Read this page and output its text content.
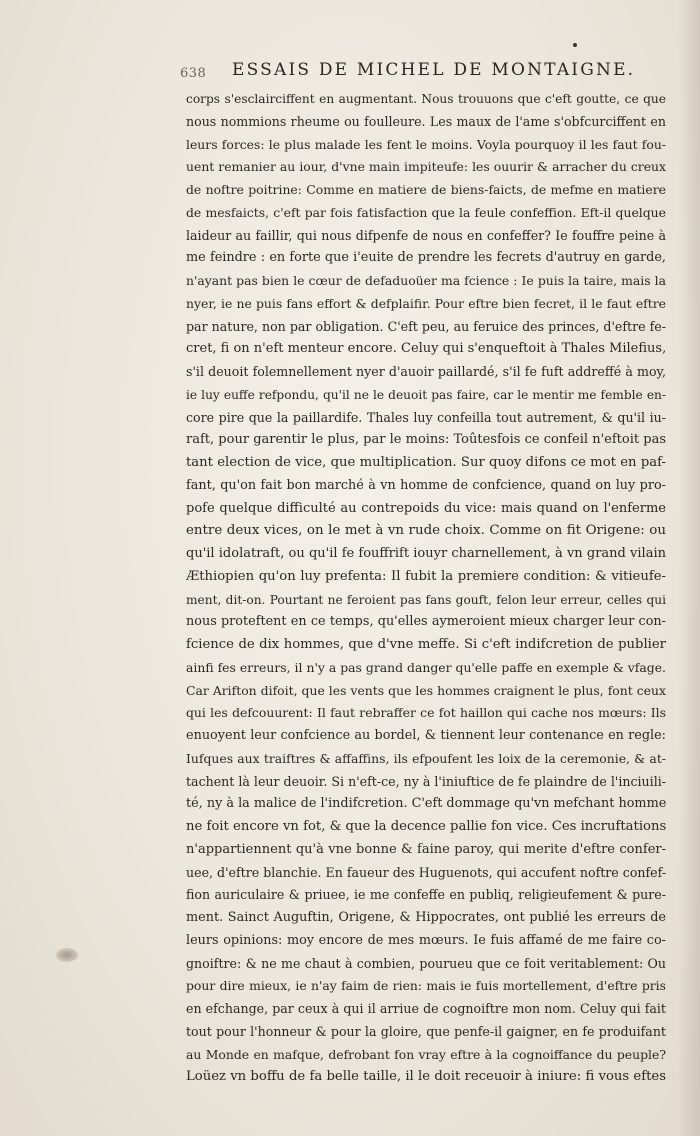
638 ESSAIS DE MICHEL DE MONTAIGNE.
corps s'esclairciffent en augmentant. Nous trouuons que c'eft goutte, ce que
nous nommions rheume ou foulleure. Les maux de l'ame s'obfcurciffent en
leurs forces: le plus malade les fent le moins. Voyla pourquoy il les faut fou-
uent remanier au iour, d'vne main impiteufe: les ouurir & arracher du creux
de noftre poitrine: Comme en matiere de biens-faicts, de mefme en matiere
de mesfaicts, c'eft par fois fatisfaction que la feule confeffion. Eft-il quelque
laideur au faillir, qui nous difpenfe de nous en confeffer? Ie fouffre peine à
me feindre : en forte que i'euite de prendre les fecrets d'autruy en garde,
n'ayant pas bien le cœur de defaduoüer ma fcience : Ie puis la taire, mais la
nyer, ie ne puis fans effort & defplaifir. Pour eftre bien fecret, il le faut eftre
par nature, non par obligation. C'eft peu, au feruice des princes, d'eftre fe-
cret, fi on n'eft menteur encore. Celuy qui s'enqueftoit à Thales Milefius,
s'il deuoit folemnellement nyer d'auoir paillardé, s'il fe fuft addreffé à moy,
ie luy euffe refpondu, qu'il ne le deuoit pas faire, car le mentir me femble en-
core pire que la paillardife. Thales luy confeilla tout autrement, & qu'il iu-
raft, pour garentir le plus, par le moins: Toûtesfois ce confeil n'eftoit pas
tant election de vice, que multiplication. Sur quoy difons ce mot en paf-
fant, qu'on fait bon marché à vn homme de confcience, quand on luy pro-
pofe quelque difficulté au contrepoids du vice: mais quand on l'enferme
entre deux vices, on le met à vn rude choix. Comme on fit Origene: ou
qu'il idolatraft, ou qu'il fe fouffrift iouyr charnellement, à vn grand vilain
Æthiopien qu'on luy prefenta: Il fubit la premiere condition: & vitieufe-
ment, dit-on. Pourtant ne feroient pas fans gouft, felon leur erreur, celles qui
nous proteftent en ce temps, qu'elles aymeroient mieux charger leur con-
fcience de dix hommes, que d'vne meffe. Si c'eft indifcretion de publier
ainfi fes erreurs, il n'y a pas grand danger qu'elle paffe en exemple & vfage.
Car Arifton difoit, que les vents que les hommes craignent le plus, font ceux
qui les defcouurent: Il faut rebraffer ce fot haillon qui cache nos mœurs: Ils
enuoyent leur confcience au bordel, & tiennent leur contenance en regle:
Iufques aux traiftres & affaffins, ils efpoufent les loix de la ceremonie, & at-
tachent là leur deuoir. Si n'eft-ce, ny à l'iniuftice de fe plaindre de l'inciuili-
té, ny à la malice de l'indifcretion. C'eft dommage qu'vn mefchant homme
ne foit encore vn fot, & que la decence pallie fon vice. Ces incruftations
n'appartiennent qu'à vne bonne & faine paroy, qui merite d'eftre confer-
uee, d'eftre blanchie. En faueur des Huguenots, qui accufent noftre confef-
fion auriculaire & priuee, ie me confeffe en publiq, religieufement & pure-
ment. Sainct Auguftin, Origene, & Hippocrates, ont publié les erreurs de
leurs opinions: moy encore de mes mœurs. Ie fuis affamé de me faire co-
gnoiftre: & ne me chaut à combien, pourueu que ce foit veritablement: Ou
pour dire mieux, ie n'ay faim de rien: mais ie fuis mortellement, d'eftre pris
en efchange, par ceux à qui il arriue de cognoiftre mon nom. Celuy qui fait
tout pour l'honneur & pour la gloire, que penfe-il gaigner, en fe produifant
au Monde en mafque, defrobant fon vray eftre à la cognoiffance du peuple?
Loüez vn boffu de fa belle taille, il le doit receuoir à iniure: fi vous eftes
